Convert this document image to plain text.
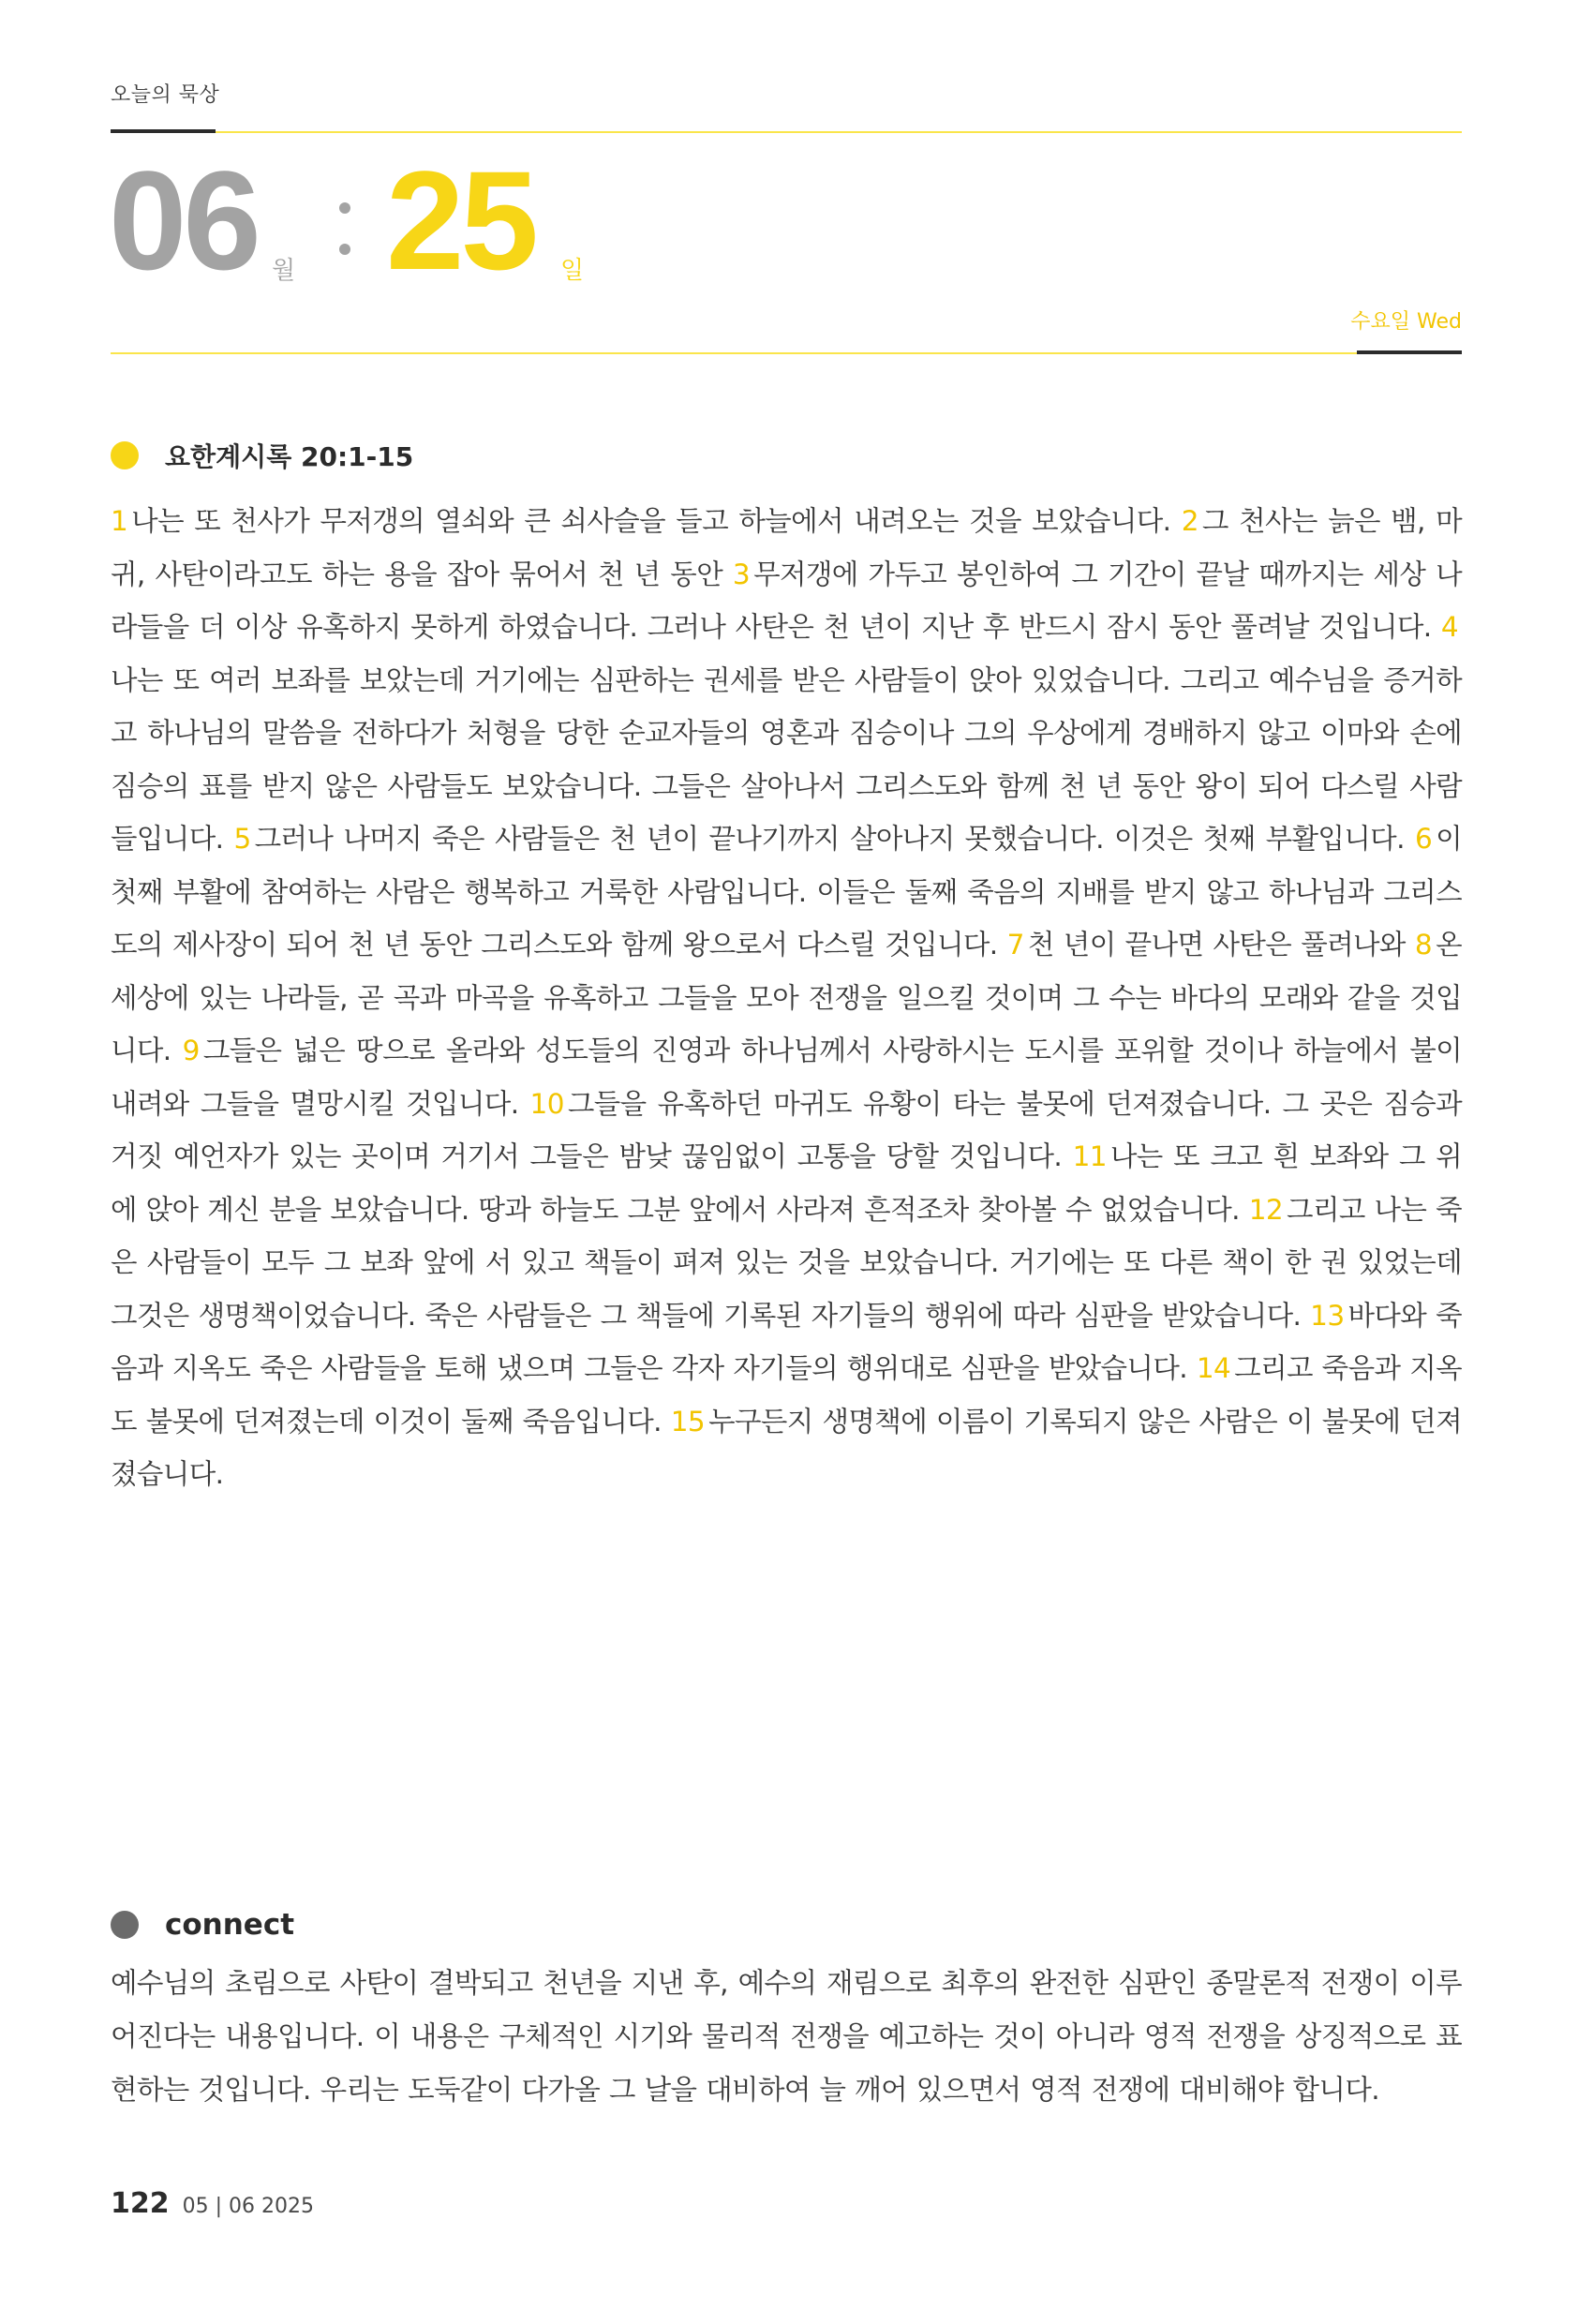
오늘의 묵상
06 월 25 일
수요일 Wed
요한계시록 20:1-15
1 나는 또 천사가 무저갱의 열쇠와 큰 쇠사슬을 들고 하늘에서 내려오는 것을 보았습니다. 2 그 천사는 늙은 뱀, 마귀, 사탄이라고도 하는 용을 잡아 묶어서 천 년 동안 3 무저갱에 가두고 봉인하여 그 기간이 끝날 때까지는 세상 나라들을 더 이상 유혹하지 못하게 하였습니다. 그러나 사탄은 천 년이 지난 후 반드시 잠시 동안 풀려날 것입니다. 4나는 또 여러 보좌를 보았는데 거기에는 심판하는 권세를 받은 사람들이 앉아 있었습니다. 그리고 예수님을 증거하고 하나님의 말씀을 전하다가 처형을 당한 순교자들의 영혼과 짐승이나 그의 우상에게 경배하지 않고 이마와 손에 짐승의 표를 받지 않은 사람들도 보았습니다. 그들은 살아나서 그리스도와 함께 천 년 동안 왕이 되어 다스릴 사람들입니다. 5 그러나 나머지 죽은 사람들은 천 년이 끝나기까지 살아나지 못했습니다. 이것은 첫째 부활입니다. 6 이 첫째 부활에 참여하는 사람은 행복하고 거룩한 사람입니다. 이들은 둘째 죽음의 지배를 받지 않고 하나님과 그리스도의 제사장이 되어 천 년 동안 그리스도와 함께 왕으로서 다스릴 것입니다. 7 천 년이 끝나면 사탄은 풀려나와 8 온 세상에 있는 나라들, 곧 곡과 마곡을 유혹하고 그들을 모아 전쟁을 일으킬 것이며 그 수는 바다의 모래와 같을 것입니다. 9 그들은 넓은 땅으로 올라와 성도들의 진영과 하나님께서 사랑하시는 도시를 포위할 것이나 하늘에서 불이 내려와 그들을 멸망시킬 것입니다. 10 그들을 유혹하던 마귀도 유황이 타는 불못에 던져졌습니다. 그 곳은 짐승과 거짓 예언자가 있는 곳이며 거기서 그들은 밤낮 끊임없이 고통을 당할 것입니다. 11 나는 또 크고 흰 보좌와 그 위에 앉아 계신 분을 보았습니다. 땅과 하늘도 그분 앞에서 사라져 흔적조차 찾아볼 수 없었습니다. 12 그리고 나는 죽은 사람들이 모두 그 보좌 앞에 서 있고 책들이 펴져 있는 것을 보았습니다. 거기에는 또 다른 책이 한 권 있었는데 그것은 생명책이었습니다. 죽은 사람들은 그 책들에 기록된 자기들의 행위에 따라 심판을 받았습니다. 13 바다와 죽음과 지옥도 죽은 사람들을 토해 냈으며 그들은 각자 자기들의 행위대로 심판을 받았습니다. 14 그리고 죽음과 지옥도 불못에 던져졌는데 이것이 둘째 죽음입니다. 15 누구든지 생명책에 이름이 기록되지 않은 사람은 이 불못에 던져졌습니다.
connect
예수님의 초림으로 사탄이 결박되고 천년을 지낸 후, 예수의 재림으로 최후의 완전한 심판인 종말론적 전쟁이 이루어진다는 내용입니다. 이 내용은 구체적인 시기와 물리적 전쟁을 예고하는 것이 아니라 영적 전쟁을 상징적으로 표현하는 것입니다. 우리는 도둑같이 다가올 그 날을 대비하여 늘 깨어 있으면서 영적 전쟁에 대비해야 합니다.
122 05 | 06 2025
